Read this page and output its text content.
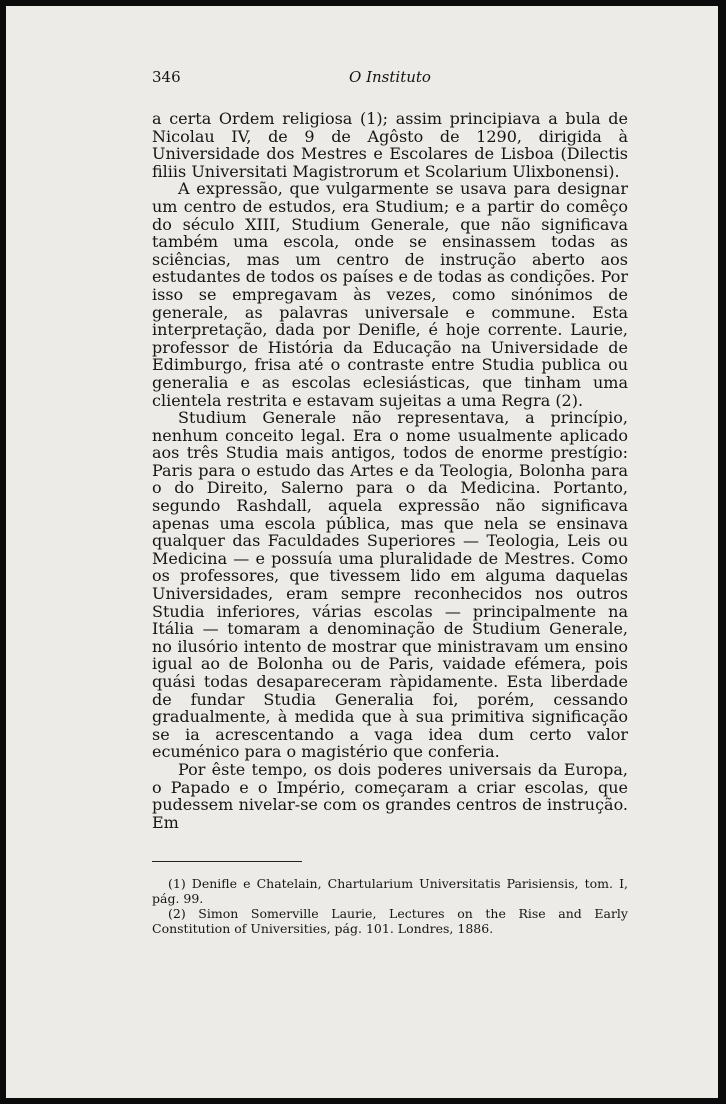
346	O Instituto

a certa Ordem religiosa (1); assim principiava a bula de Nicolau IV, de 9 de Agôsto de 1290, dirigida à Universidade dos Mestres e Escolares de Lisboa (Dilectis filiis Universitati Magistrorum et Scolarium Ulixbonensi).

A expressão, que vulgarmente se usava para designar um centro de estudos, era Studium; e a partir do comêço do século XIII, Studium Generale, que não significava também uma escola, onde se ensinassem todas as sciências, mas um centro de instrução aberto aos estudantes de todos os países e de todas as condições. Por isso se empregavam às vezes, como sinónimos de generale, as palavras universale e commune. Esta interpretação, dada por Denifle, é hoje corrente. Laurie, professor de História da Educação na Universidade de Edimburgo, frisa até o contraste entre Studia publica ou generalia e as escolas eclesiásticas, que tinham uma clientela restrita e estavam sujeitas a uma Regra (2).

Studium Generale não representava, a princípio, nenhum conceito legal. Era o nome usualmente aplicado aos três Studia mais antigos, todos de enorme prestígio: Paris para o estudo das Artes e da Teologia, Bolonha para o do Direito, Salerno para o da Medicina. Portanto, segundo Rashdall, aquela expressão não significava apenas uma escola pública, mas que nela se ensinava qualquer das Faculdades Superiores — Teologia, Leis ou Medicina — e possuía uma pluralidade de Mestres. Como os professores, que tivessem lido em alguma daquelas Universidades, eram sempre reconhecidos nos outros Studia inferiores, várias escolas — principalmente na Itália — tomaram a denominação de Studium Generale, no ilusório intento de mostrar que ministravam um ensino igual ao de Bolonha ou de Paris, vaidade efémera, pois quási todas desapareceram ràpidamente. Esta liberdade de fundar Studia Generalia foi, porém, cessando gradualmente, à medida que à sua primitiva significação se ia acrescentando a vaga idea dum certo valor ecuménico para o magistério que conferia.

Por êste tempo, os dois poderes universais da Europa, o Papado e o Império, começaram a criar escolas, que pudessem nivelar-se com os grandes centros de instrução. Em

(1) Denifle e Chatelain, Chartularium Universitatis Parisiensis, tom. I, pág. 99.

(2) Simon Somerville Laurie, Lectures on the Rise and Early Constitution of Universities, pág. 101. Londres, 1886.
